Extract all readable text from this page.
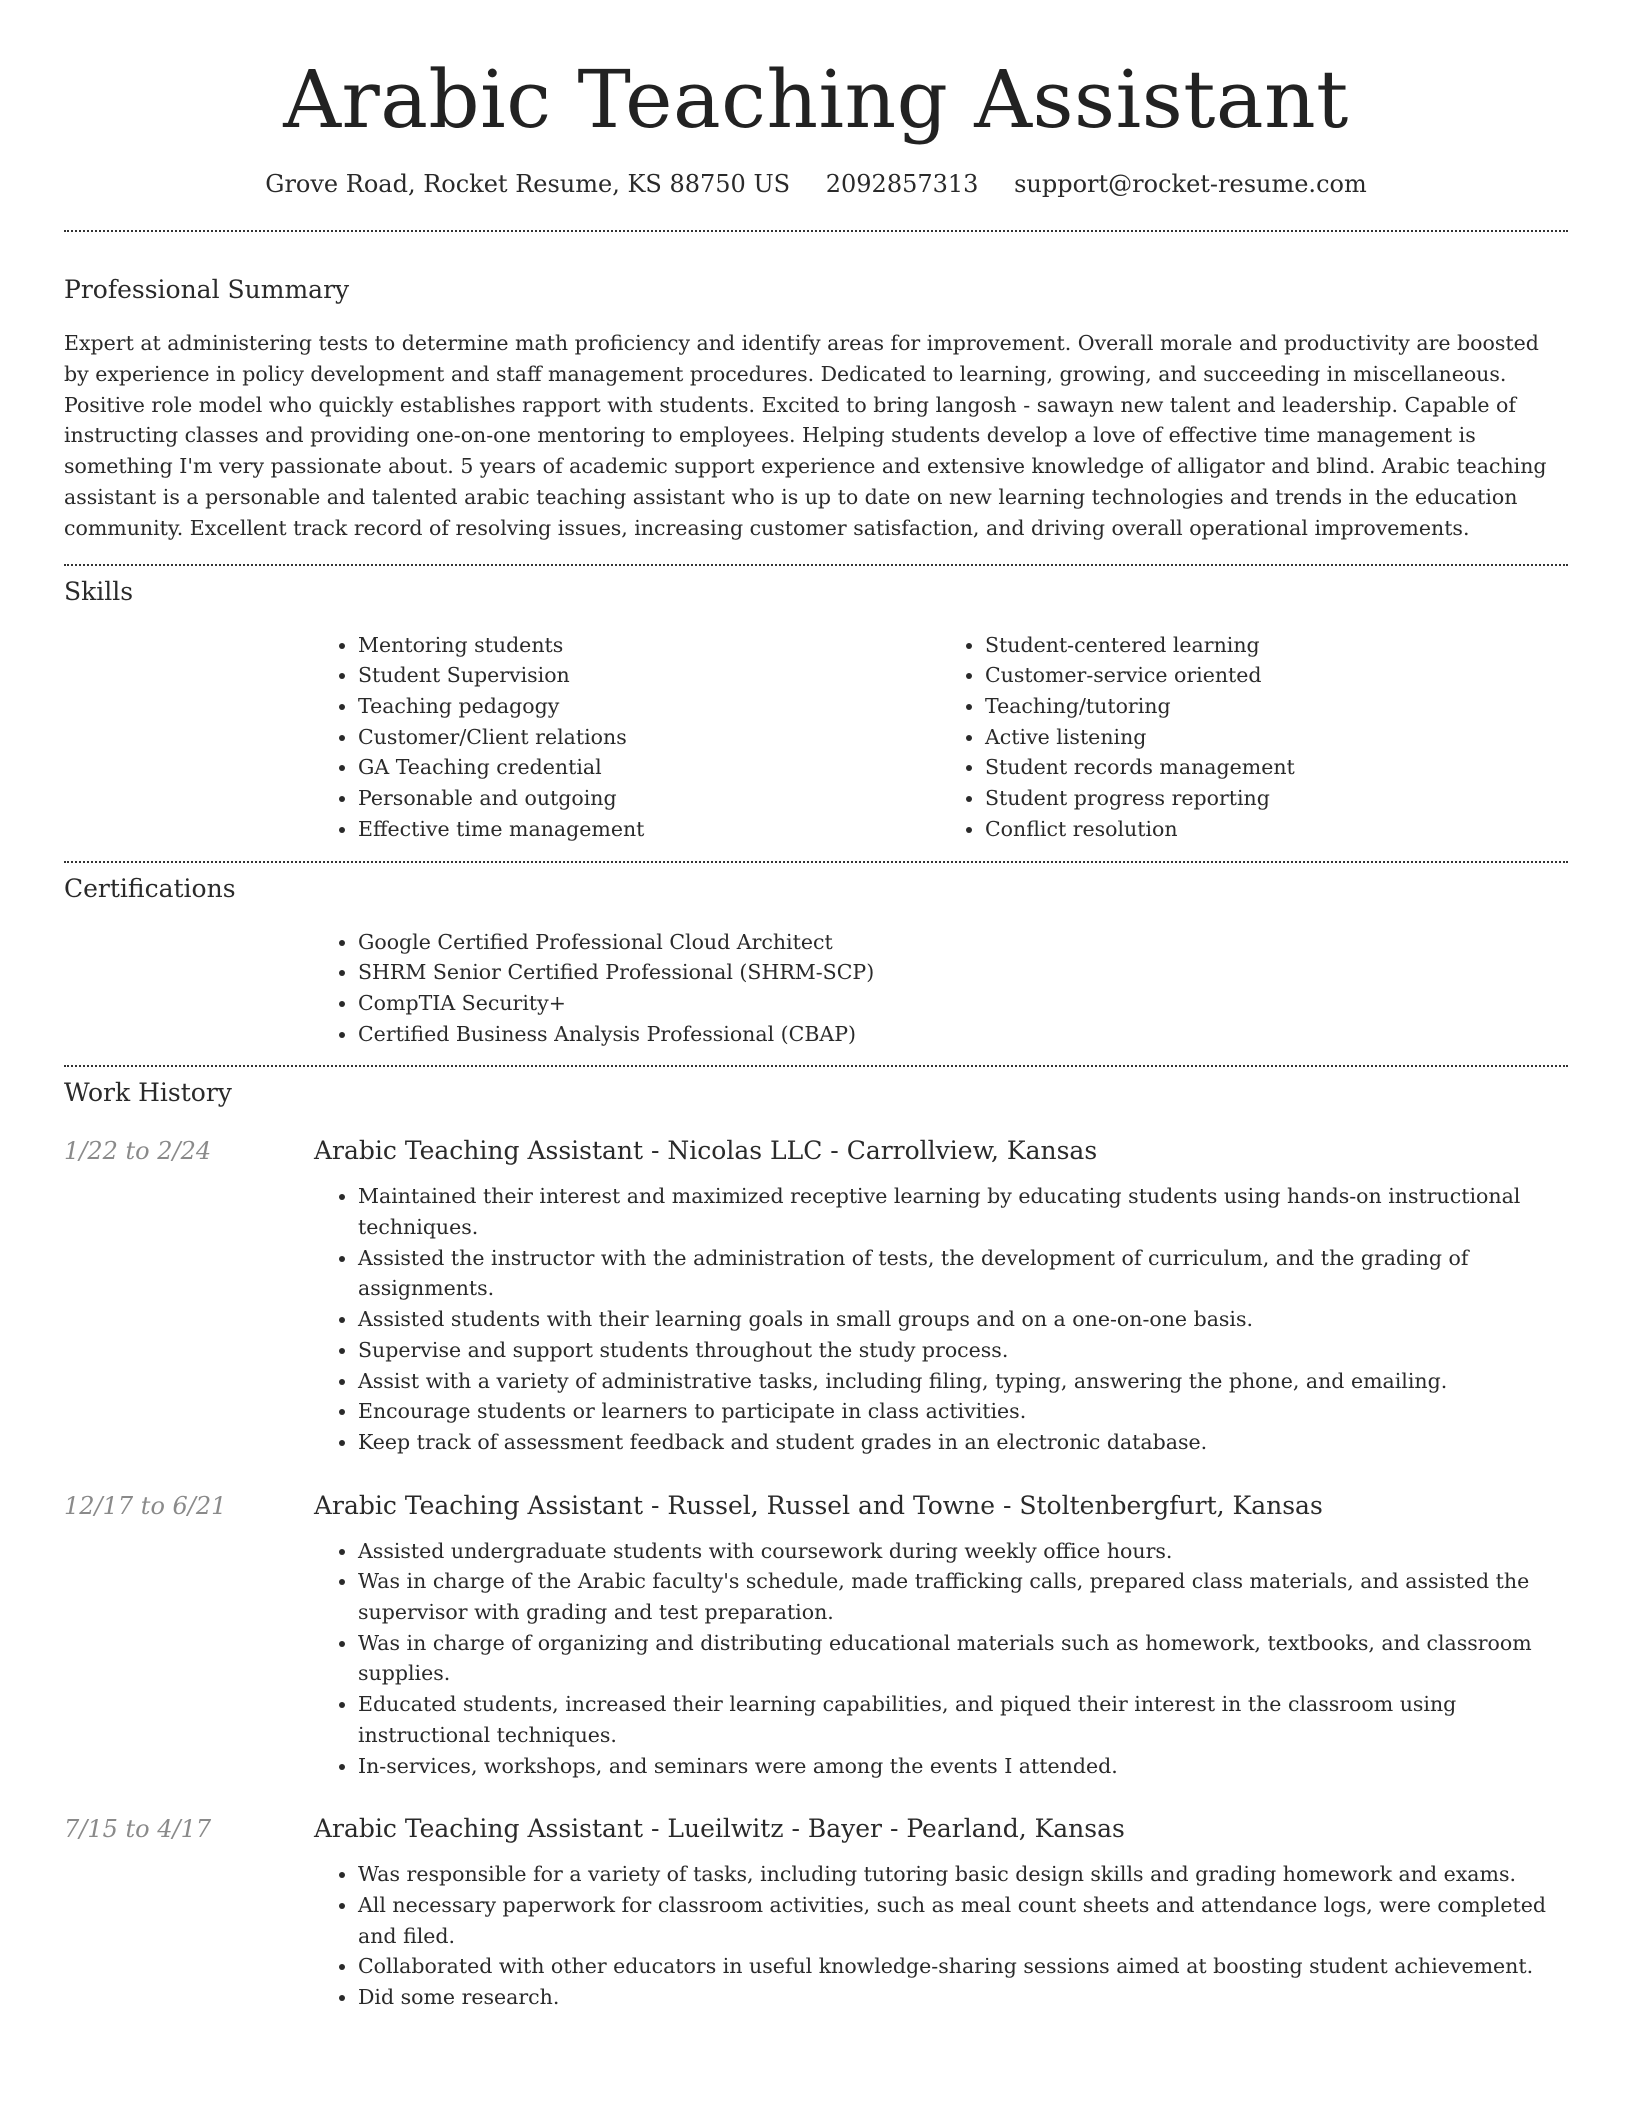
Arabic Teaching Assistant
Grove Road, Rocket Resume, KS 88750 US 2092857313 support@rocket-resume.com
Professional Summary

Expert at administering tests to determine math proficiency and identify areas for improvement. Overall morale and productivity are boosted by experience in policy development and staff management procedures. Dedicated to learning, growing, and succeeding in miscellaneous. Positive role model who quickly establishes rapport with students. Excited to bring langosh - sawayn new talent and leadership. Capable of instructing classes and providing one-on-one mentoring to employees. Helping students develop a love of effective time management is something I'm very passionate about. 5 years of academic support experience and extensive knowledge of alligator and blind. Arabic teaching assistant is a personable and talented arabic teaching assistant who is up to date on new learning technologies and trends in the education community. Excellent track record of resolving issues, increasing customer satisfaction, and driving overall operational improvements.

Skills
• Mentoring students
• Student Supervision
• Teaching pedagogy
• Customer/Client relations
• GA Teaching credential
• Personable and outgoing
• Effective time management
• Student-centered learning
• Customer-service oriented
• Teaching/tutoring
• Active listening
• Student records management
• Student progress reporting
• Conflict resolution
Certifications
• Google Certified Professional Cloud Architect
• SHRM Senior Certified Professional (SHRM-SCP)
• CompTIA Security+
• Certified Business Analysis Professional (CBAP)
Work History
1/22 to 2/24	Arabic Teaching Assistant - Nicolas LLC - Carrollview, Kansas
• Maintained their interest and maximized receptive learning by educating students using hands-on instructional techniques.
• Assisted the instructor with the administration of tests, the development of curriculum, and the grading of assignments.
• Assisted students with their learning goals in small groups and on a one-on-one basis.
• Supervise and support students throughout the study process.
• Assist with a variety of administrative tasks, including filing, typing, answering the phone, and emailing.
• Encourage students or learners to participate in class activities.
• Keep track of assessment feedback and student grades in an electronic database.
12/17 to 6/21	Arabic Teaching Assistant - Russel, Russel and Towne - Stoltenbergfurt, Kansas
• Assisted undergraduate students with coursework during weekly office hours.
• Was in charge of the Arabic faculty's schedule, made trafficking calls, prepared class materials, and assisted the supervisor with grading and test preparation.
• Was in charge of organizing and distributing educational materials such as homework, textbooks, and classroom supplies.
• Educated students, increased their learning capabilities, and piqued their interest in the classroom using instructional techniques.
• In-services, workshops, and seminars were among the events I attended.
7/15 to 4/17	Arabic Teaching Assistant - Lueilwitz - Bayer - Pearland, Kansas
• Was responsible for a variety of tasks, including tutoring basic design skills and grading homework and exams.
• All necessary paperwork for classroom activities, such as meal count sheets and attendance logs, were completed and filed.
• Collaborated with other educators in useful knowledge-sharing sessions aimed at boosting student achievement.
• Did some research.
